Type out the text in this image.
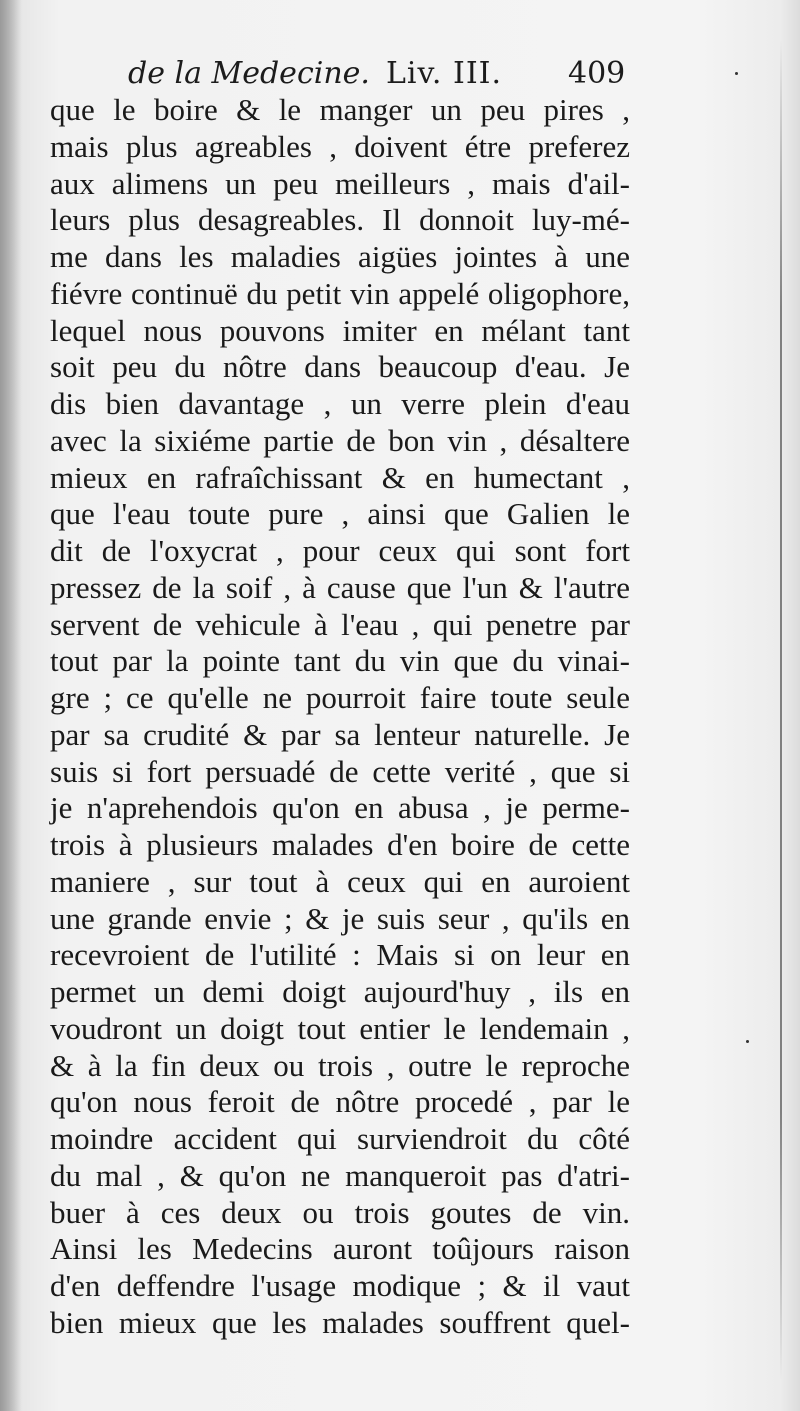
de la Medecine. Liv. III. 409
que le boire & le manger un peu pires ,
mais plus agreables , doivent étre preferez
aux alimens un peu meilleurs , mais d'ail-
leurs plus desagreables. Il donnoit luy-mé-
me dans les maladies aigües jointes à une
fiévre continuë du petit vin appelé oligophore,
lequel nous pouvons imiter en mélant tant
soit peu du nôtre dans beaucoup d'eau. Je
dis bien davantage , un verre plein d'eau
avec la sixiéme partie de bon vin , désaltere
mieux en rafraîchissant & en humectant ,
que l'eau toute pure , ainsi que Galien le
dit de l'oxycrat , pour ceux qui sont fort
pressez de la soif , à cause que l'un & l'autre
servent de vehicule à l'eau , qui penetre par
tout par la pointe tant du vin que du vinai-
gre ; ce qu'elle ne pourroit faire toute seule
par sa crudité & par sa lenteur naturelle. Je
suis si fort persuadé de cette verité , que si
je n'aprehendois qu'on en abusa , je perme-
trois à plusieurs malades d'en boire de cette
maniere , sur tout à ceux qui en auroient
une grande envie ; & je suis seur , qu'ils en
recevroient de l'utilité : Mais si on leur en
permet un demi doigt aujourd'huy , ils en
voudront un doigt tout entier le lendemain ,
& à la fin deux ou trois , outre le reproche
qu'on nous feroit de nôtre procedé , par le
moindre accident qui surviendroit du côté
du mal , & qu'on ne manqueroit pas d'atri-
buer à ces deux ou trois goutes de vin.
Ainsi les Medecins auront toûjours raison
d'en deffendre l'usage modique ; & il vaut
bien mieux que les malades souffrent quel-
